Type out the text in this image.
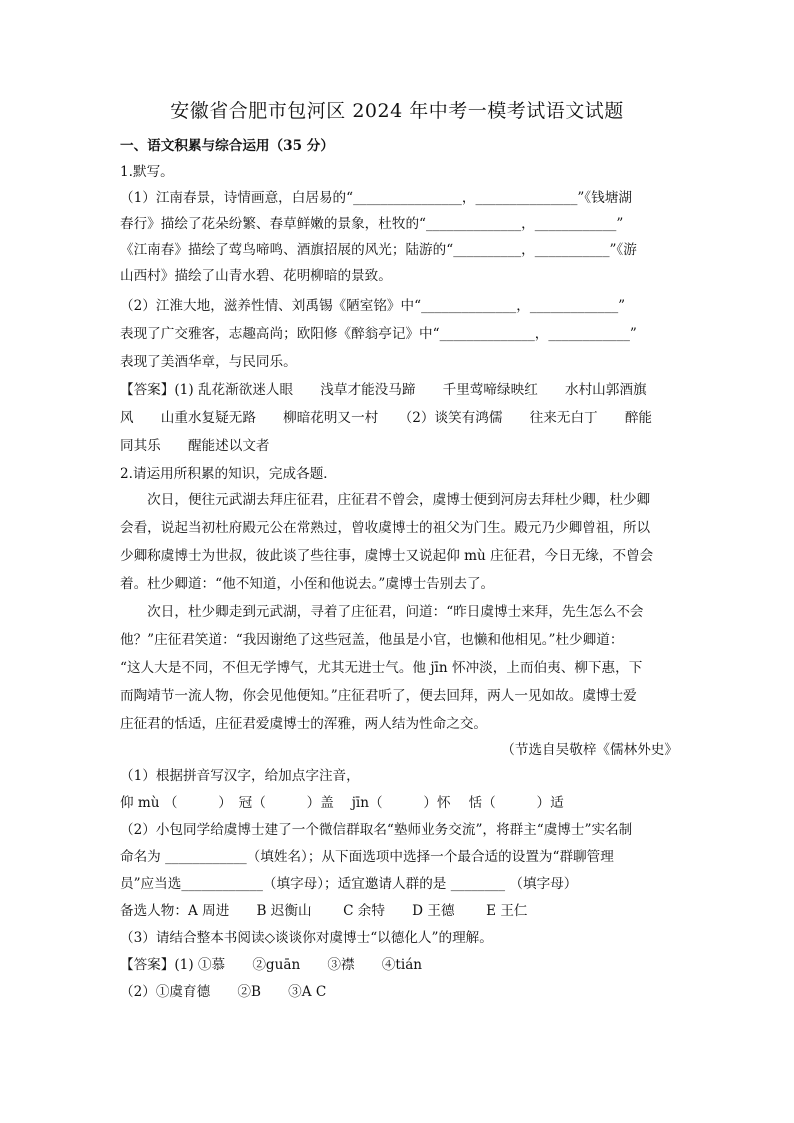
安徽省合肥市包河区 2024 年中考一模考试语文试题
一、语文积累与综合运用（35 分）
1.默写。
（1）江南春景，诗情画意，白居易的“________________，_______________”《钱塘湖
春行》描绘了花朵纷繁、春草鲜嫩的景象，杜牧的“______________，____________”
《江南春》描绘了莺鸟啼鸣、酒旗招展的风光；陆游的“__________，___________”《游
山西村》描绘了山青水碧、花明柳暗的景致。
（2）江淮大地，滋养性情、刘禹锡《陋室铭》中“______________，_____________”
表现了广交雅客，志趣高尚；欧阳修《醉翁亭记》中“______________，____________”
表现了美酒华章，与民同乐。
【答案】(1) 乱花渐欲迷人眼　　浅草才能没马蹄　　千里莺啼绿映红　　水村山郭酒旗
风　　山重水复疑无路　　柳暗花明又一村　　（2）谈笑有鸿儒　　往来无白丁　　醉能
同其乐　　醒能述以文者
2.请运用所积累的知识，完成各题．
　　次日，便往元武湖去拜庄征君，庄征君不曾会，虞博士便到河房去拜杜少卿，杜少卿
会看，说起当初杜府殿元公在常熟过，曾收虞博士的祖父为门生。殿元乃少卿曾祖，所以
少卿称虞博士为世叔，彼此谈了些往事，虞博士又说起仰 mù 庄征君，今日无缘，不曾会
着。杜少卿道：“他不知道，小侄和他说去。”虞博士告别去了。
　　次日，杜少卿走到元武湖，寻着了庄征君，问道：“昨日虞博士来拜，先生怎么不会
他？”庄征君笑道：“我因谢绝了这些冠盖，他虽是小官，也懒和他相见。”杜少卿道：
“这人大是不同，不但无学博气，尤其无进士气。他 jīn 怀冲淡，上而伯夷、柳下惠，下
而陶靖节一流人物，你会见他便知。”庄征君听了，便去回拜，两人一见如故。虞博士爱
庄征君的恬适，庄征君爱虞博士的浑雅，两人结为性命之交。
（节选自吴敬梓《儒林外史》
（1）根据拼音写汉字，给加点字注音，
仰 mù （　　　）　冠（　　　）盖　 jīn（　　　）怀　 恬（　　　）适
（2）小包同学给虞博士建了一个微信群取名“塾师业务交流”，将群主“虞博士”实名制
命名为 ____________（填姓名）；从下面选项中选择一个最合适的设置为“群聊管理
员”应当选____________（填字母）；适宜邀请人群的是 ________ （填字母）
备选人物：A 周进　　B 迟衡山　　 C 余特　　D 王德　　 E 王仁
（3）请结合整本书阅读◇谈谈你对虞博士“以德化人”的理解。
【答案】(1) ①慕　　②guān　　③襟　　④tián
（2）①虞育德　　②B　　③A C
